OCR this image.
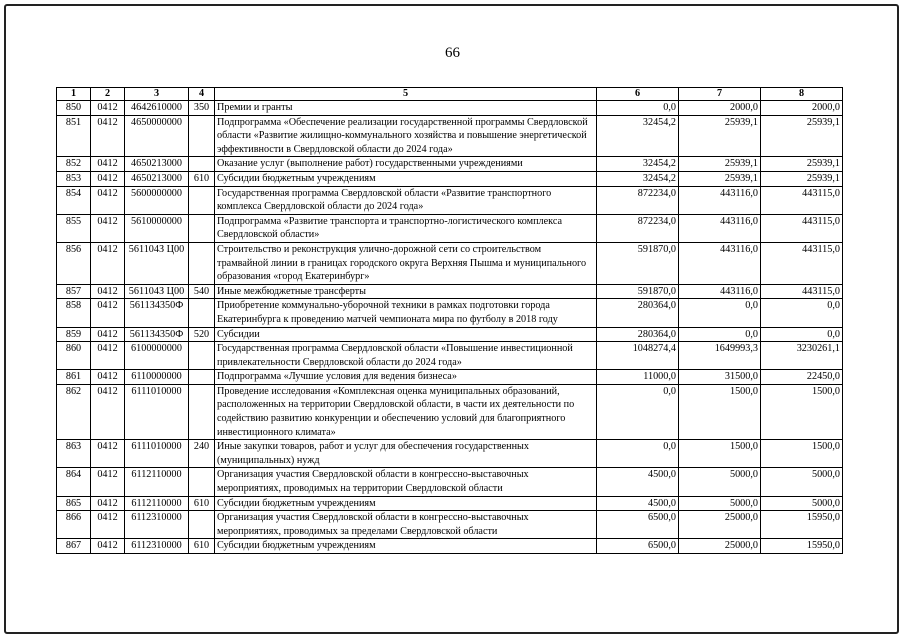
66
1	2	3	4	5	6	7	8
850	0412	4642610000	350	Премии и гранты	0,0	2000,0	2000,0
851	0412	4650000000		Подпрограмма «Обеспечение реализации государственной программы Свердловской области «Развитие жилищно-коммунального хозяйства и повышение энергетической эффективности в Свердловской области до 2024 года»	32454,2	25939,1	25939,1
852	0412	4650213000		Оказание услуг (выполнение работ) государственными учреждениями	32454,2	25939,1	25939,1
853	0412	4650213000	610	Субсидии бюджетным учреждениям	32454,2	25939,1	25939,1
854	0412	5600000000		Государственная программа Свердловской области «Развитие транспортного комплекса Свердловской области до 2024 года»	872234,0	443116,0	443115,0
855	0412	5610000000		Подпрограмма «Развитие транспорта и транспортно-логистического комплекса Свердловской области»	872234,0	443116,0	443115,0
856	0412	561104З Ц00		Строительство и реконструкция улично-дорожной сети со строительством трамвайной линии в границах городского округа Верхняя Пышма и муниципального образования «город Екатеринбург»	591870,0	443116,0	443115,0
857	0412	561104З Ц00	540	Иные межбюджетные трансферты	591870,0	443116,0	443115,0
858	0412	5611З4350Ф		Приобретение коммунально-уборочной техники в рамках подготовки города Екатеринбурга к проведению матчей чемпионата мира по футболу в 2018 году	280364,0	0,0	0,0
859	0412	5611З4350Ф	520	Субсидии	280364,0	0,0	0,0
860	0412	6100000000		Государственная программа Свердловской области «Повышение инвестиционной привлекательности Свердловской области до 2024 года»	1048274,4	1649993,3	3230261,1
861	0412	6110000000		Подпрограмма «Лучшие условия для ведения бизнеса»	11000,0	31500,0	22450,0
862	0412	6111010000		Проведение исследования «Комплексная оценка муниципальных образований, расположенных на территории Свердловской области, в части их деятельности по содействию развитию конкуренции и обеспечению условий для благоприятного инвестиционного климата»	0,0	1500,0	1500,0
863	0412	6111010000	240	Иные закупки товаров, работ и услуг для обеспечения государственных (муниципальных) нужд	0,0	1500,0	1500,0
864	0412	6112110000		Организация участия Свердловской области в конгрессно-выставочных мероприятиях, проводимых на территории Свердловской области	4500,0	5000,0	5000,0
865	0412	6112110000	610	Субсидии бюджетным учреждениям	4500,0	5000,0	5000,0
866	0412	6112310000		Организация участия Свердловской области в конгрессно-выставочных мероприятиях, проводимых за пределами Свердловской области	6500,0	25000,0	15950,0
867	0412	6112310000	610	Субсидии бюджетным учреждениям	6500,0	25000,0	15950,0
